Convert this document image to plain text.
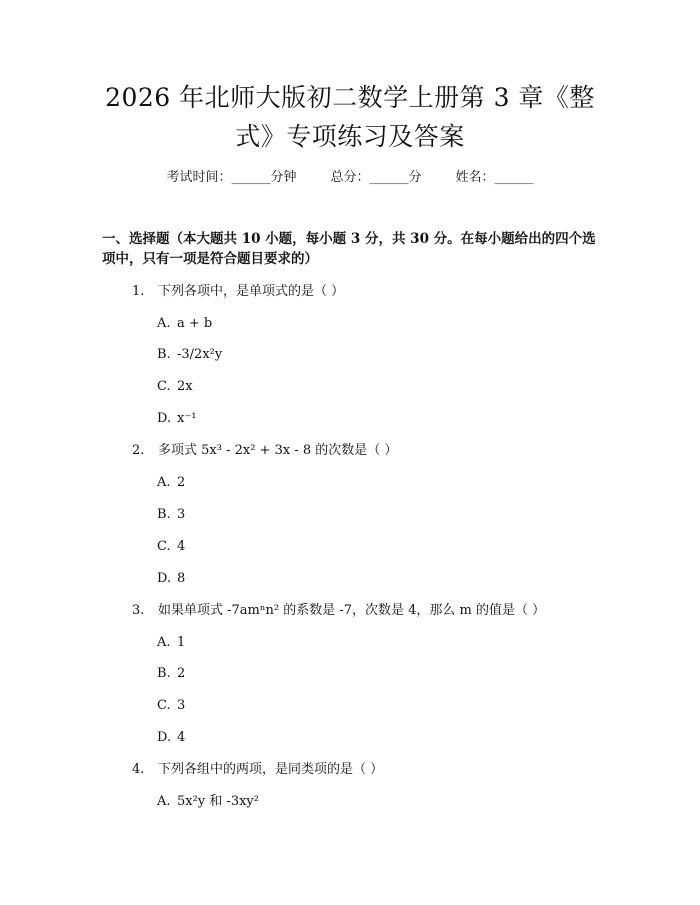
2026 年北师大版初二数学上册第 3 章《整
式》专项练习及答案
考试时间：______分钟	总分：______分	姓名：______
一、选择题（本大题共 10 小题，每小题 3 分，共 30 分。在每小题给出的四个选
项中，只有一项是符合题目要求的）
1. 下列各项中，是单项式的是（ ）
A. a + b
B. -3/2x²y
C. 2x
D. x⁻¹
2. 多项式 5x³ - 2x² + 3x - 8 的次数是（ ）
A. 2
B. 3
C. 4
D. 8
3. 如果单项式 -7amⁿn² 的系数是 -7，次数是 4，那么 m 的值是（ ）
A. 1
B. 2
C. 3
D. 4
4. 下列各组中的两项，是同类项的是（ ）
A. 5x²y 和 -3xy²
